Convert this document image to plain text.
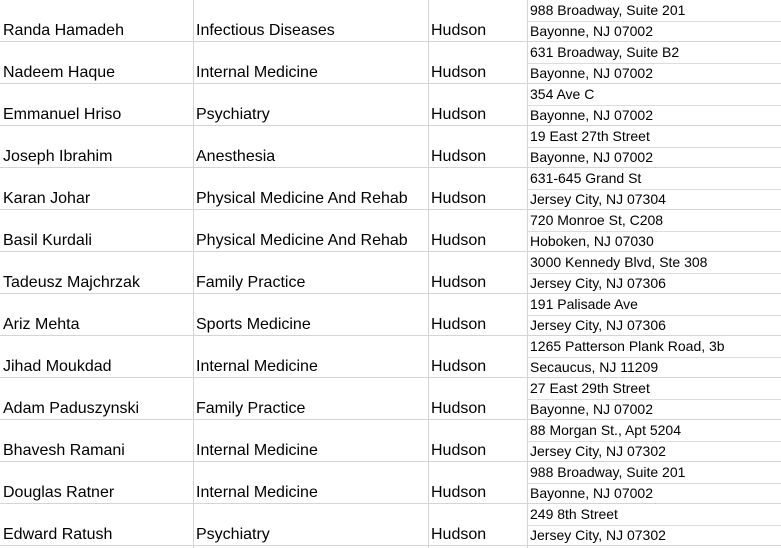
Randa Hamadeh	Infectious Diseases	Hudson
988 Broadway, Suite 201
Bayonne, NJ 07002
Nadeem Haque	Internal Medicine	Hudson
631 Broadway, Suite B2
Bayonne, NJ 07002
Emmanuel Hriso	Psychiatry	Hudson
354 Ave C
Bayonne, NJ 07002
Joseph Ibrahim	Anesthesia	Hudson
19 East 27th Street
Bayonne, NJ 07002
Karan Johar	Physical Medicine And Rehab Hudson
631-645 Grand St
Jersey City, NJ 07304
Basil Kurdali	Physical Medicine And Rehab Hudson
720 Monroe St, C208
Hoboken, NJ 07030
Tadeusz Majchrzak	Family Practice	Hudson
3000 Kennedy Blvd, Ste 308
Jersey City, NJ 07306
Ariz Mehta	Sports Medicine	Hudson
191 Palisade Ave
Jersey City, NJ 07306
Jihad Moukdad	Internal Medicine	Hudson
1265 Patterson Plank Road, 3b
Secaucus, NJ 11209
Adam Paduszynski	Family Practice	Hudson
27 East 29th Street
Bayonne, NJ 07002
Bhavesh Ramani	Internal Medicine	Hudson
88 Morgan St., Apt 5204
Jersey City, NJ 07302
Douglas Ratner	Internal Medicine	Hudson
988 Broadway, Suite 201
Bayonne, NJ 07002
Edward Ratush	Psychiatry	Hudson
249 8th Street
Jersey City, NJ 07302
